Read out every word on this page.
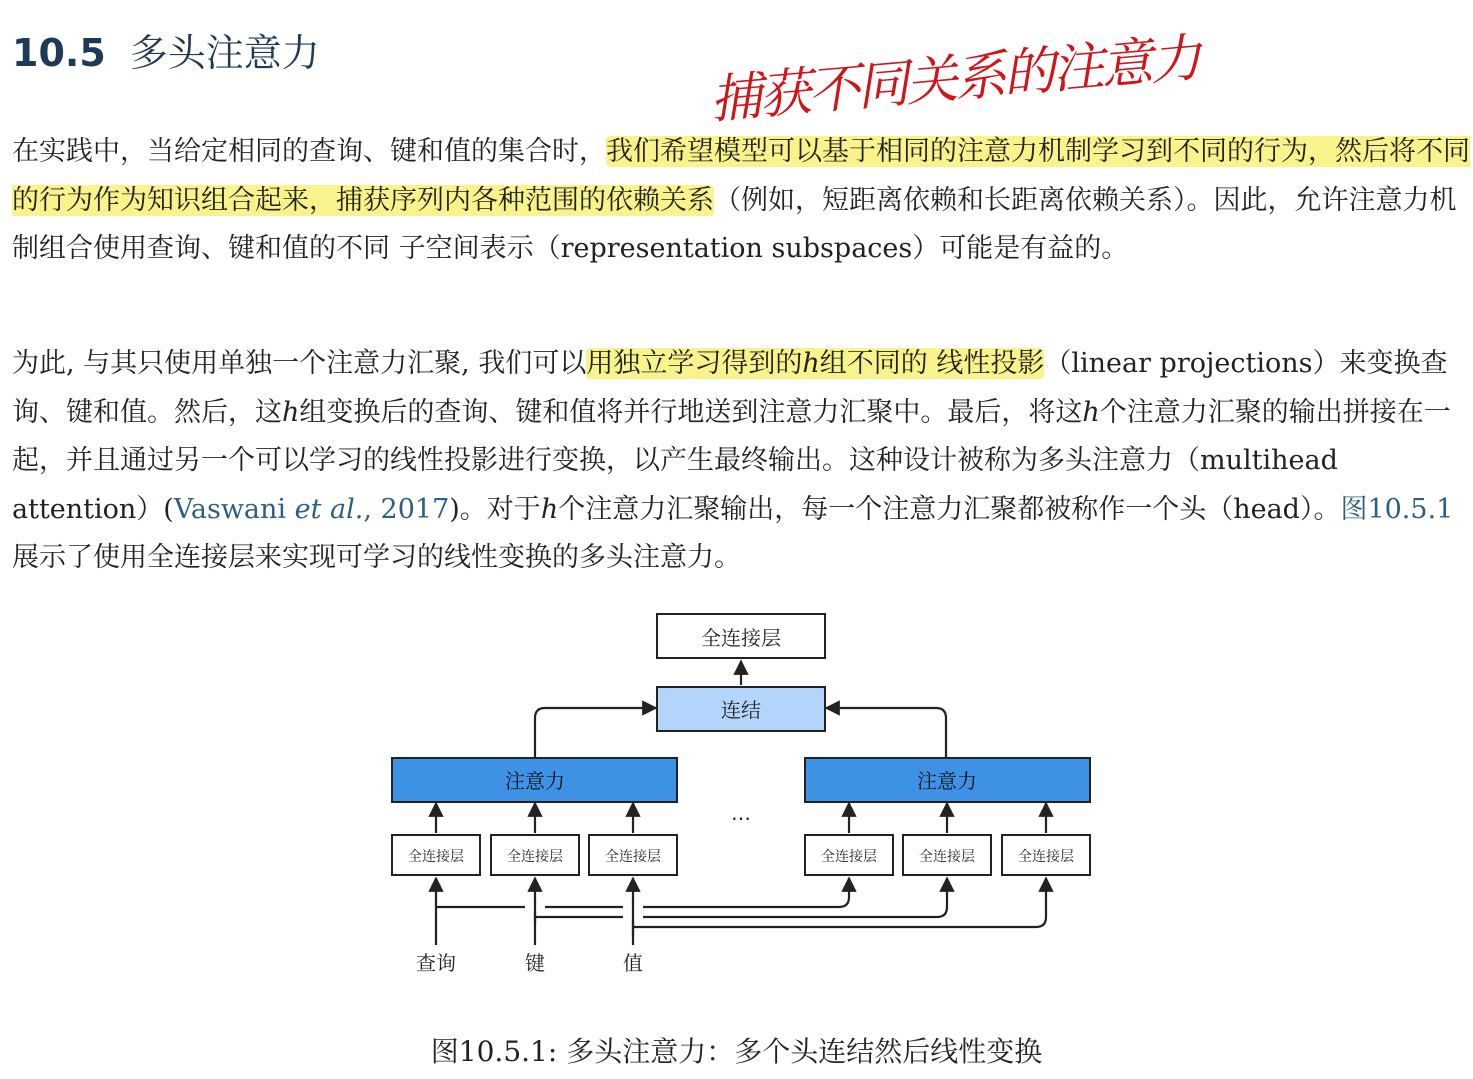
10.5 多头注意力	捕获不同关系的注意力

在实践中，当给定相同的查询、键和值的集合时，我们希望模型可以基于相同的注意力机制学习到不同的行为，然后将不同的行为作为知识组合起来，捕获序列内各种范围的依赖关系（例如，短距离依赖和长距离依赖关系）。因此，允许注意力机制组合使用查询、键和值的不同 子空间表示（representation subspaces）可能是有益的。

为此, 与其只使用单独一个注意力汇聚, 我们可以用独立学习得到的h组不同的 线性投影（linear projections）来变换查询、键和值。然后，这h组变换后的查询、键和值将并行地送到注意力汇聚中。最后，将这h个注意力汇聚的输出拼接在一起，并且通过另一个可以学习的线性投影进行变换，以产生最终输出。这种设计被称为多头注意力（multihead attention）(Vaswani et al., 2017)。对于h个注意力汇聚输出，每一个注意力汇聚都被称作一个头（head）。图10.5.1 展示了使用全连接层来实现可学习的线性变换的多头注意力。

全连接层
连结
注意力	注意力
…
全连接层	全连接层	全连接层	全连接层	全连接层	全连接层
查询	键	值
图10.5.1: 多头注意力：多个头连结然后线性变换
